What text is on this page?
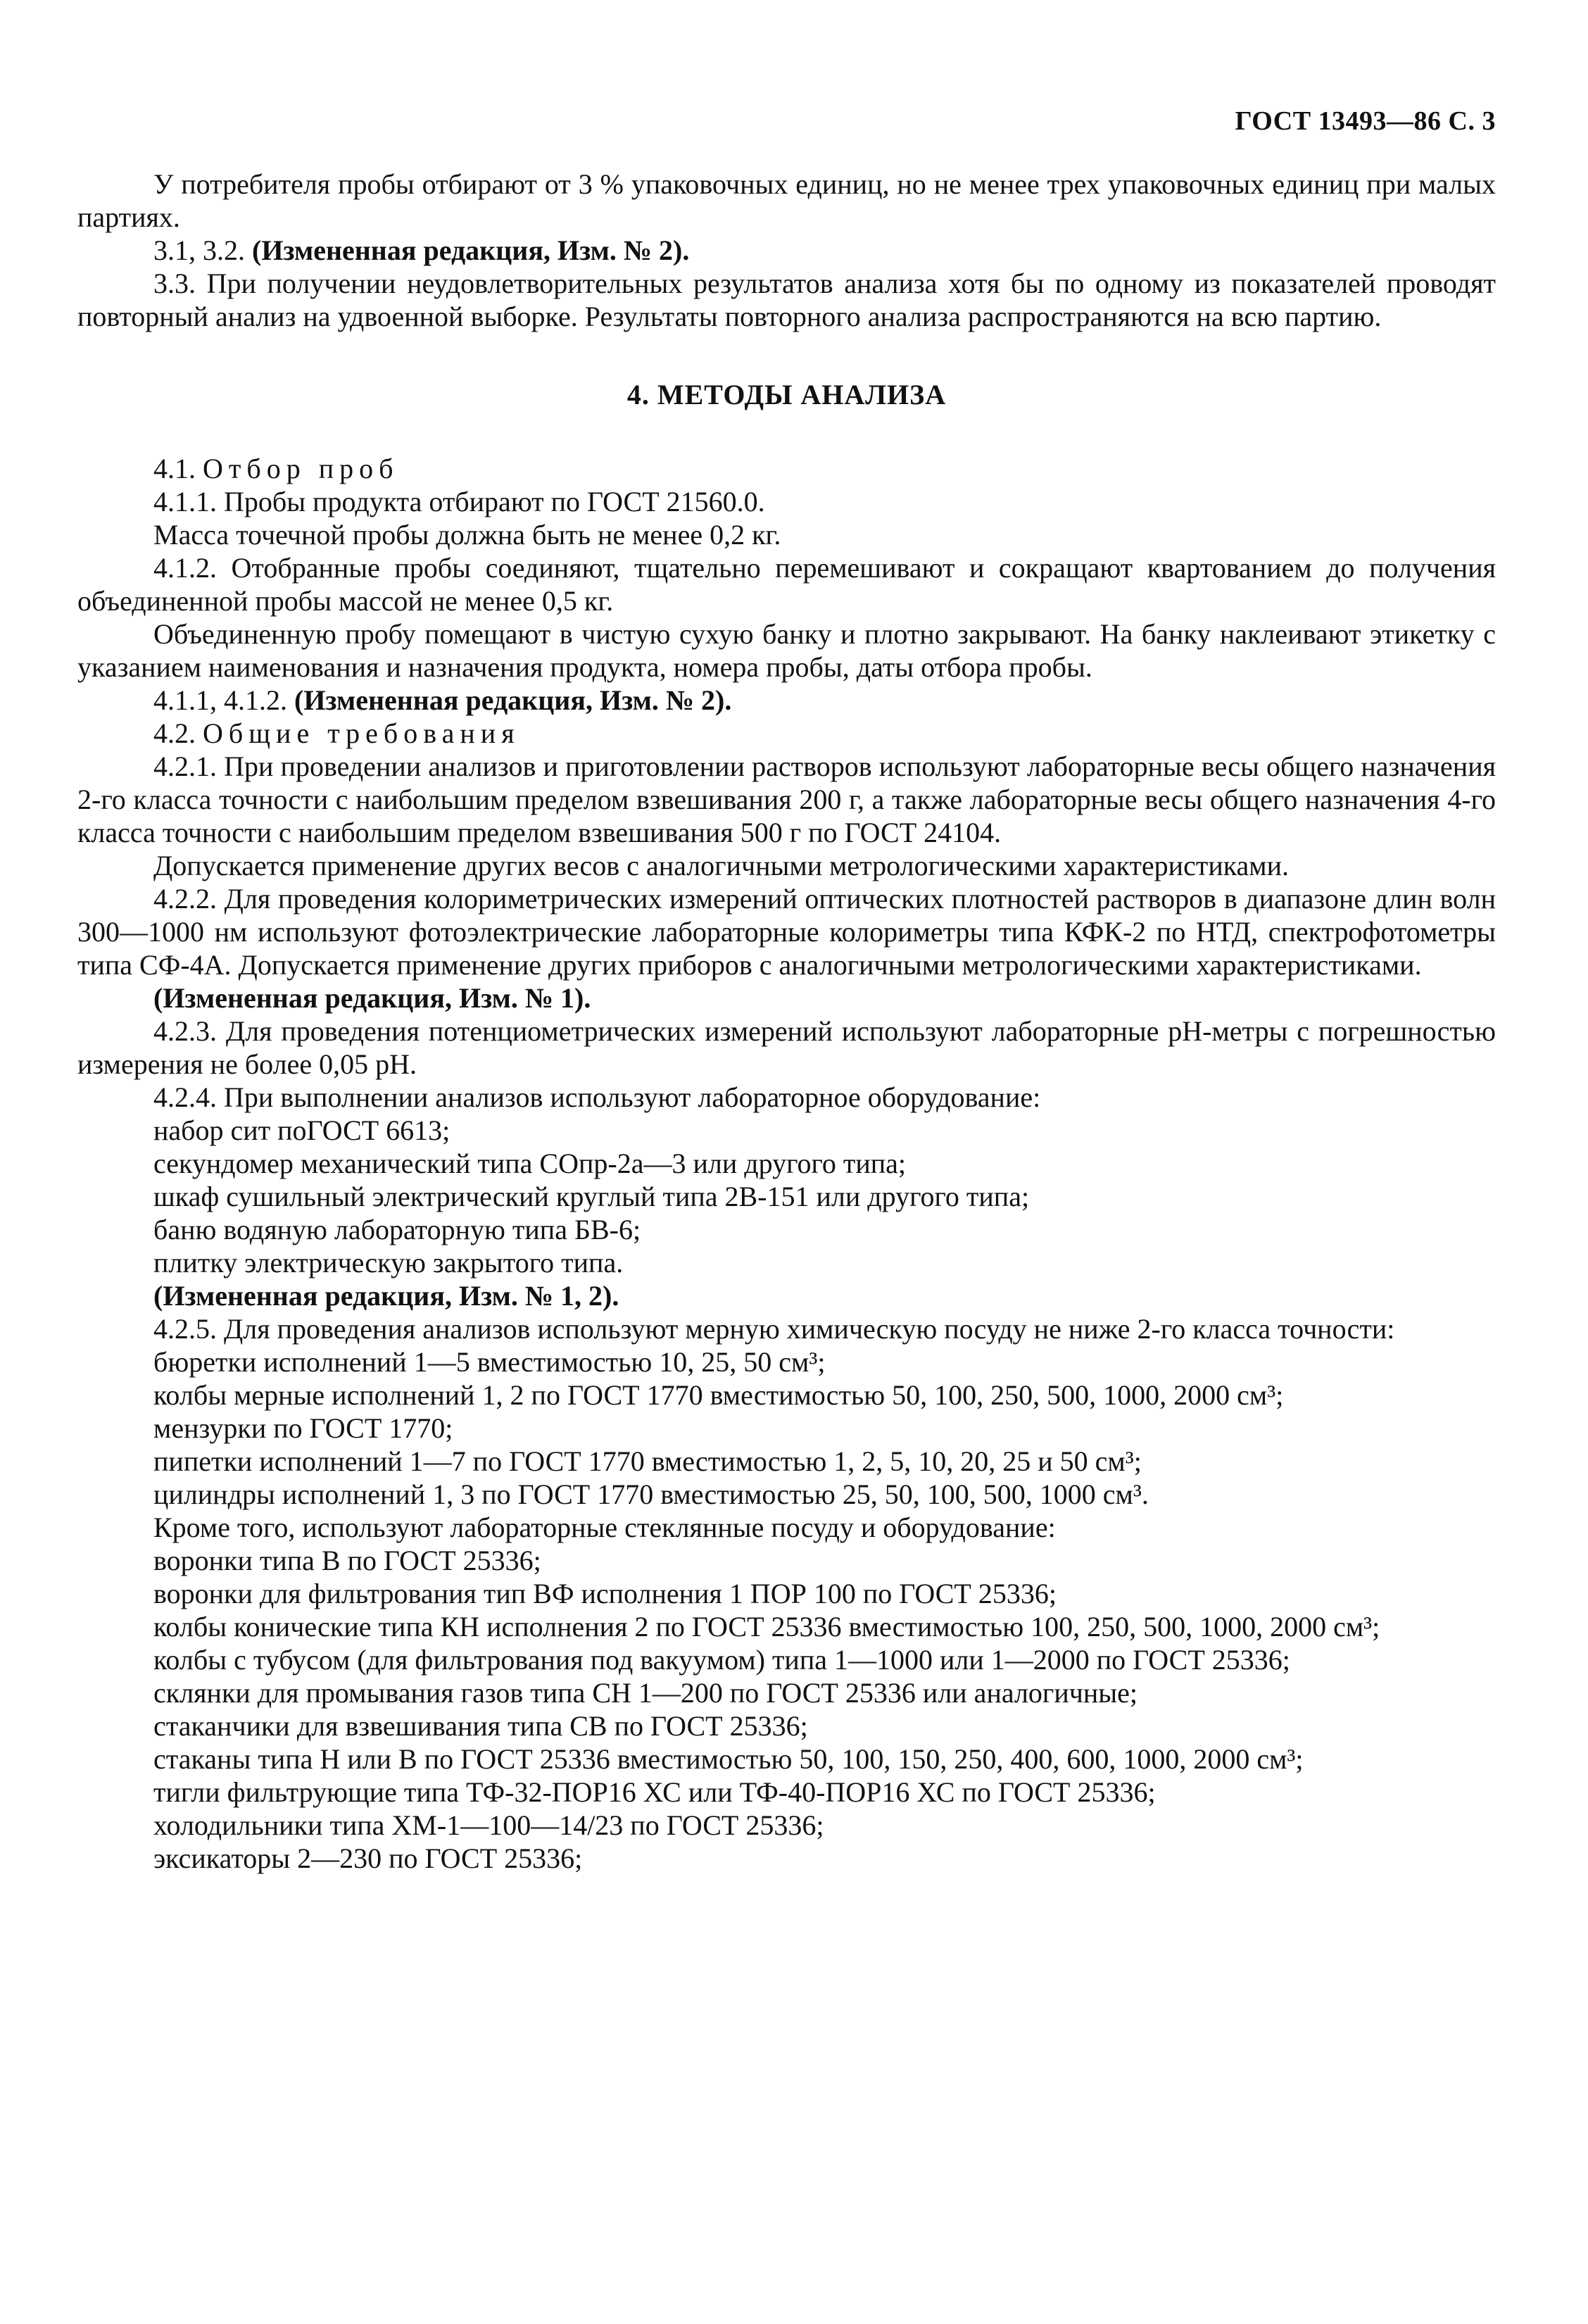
ГОСТ 13493—86 С. 3

У потребителя пробы отбирают от 3 % упаковочных единиц, но не менее трех упаковочных единиц при малых партиях.

3.1, 3.2. (Измененная редакция, Изм. № 2).

3.3. При получении неудовлетворительных результатов анализа хотя бы по одному из показателей проводят повторный анализ на удвоенной выборке. Результаты повторного анализа распространяются на всю партию.

4. МЕТОДЫ АНАЛИЗА

4.1. Отбор проб

4.1.1. Пробы продукта отбирают по ГОСТ 21560.0.

Масса точечной пробы должна быть не менее 0,2 кг.

4.1.2. Отобранные пробы соединяют, тщательно перемешивают и сокращают квартованием до получения объединенной пробы массой не менее 0,5 кг.

Объединенную пробу помещают в чистую сухую банку и плотно закрывают. На банку наклеивают этикетку с указанием наименования и назначения продукта, номера пробы, даты отбора пробы.

4.1.1, 4.1.2. (Измененная редакция, Изм. № 2).

4.2. Общие требования

4.2.1. При проведении анализов и приготовлении растворов используют лабораторные весы общего назначения 2-го класса точности с наибольшим пределом взвешивания 200 г, а также лабораторные весы общего назначения 4-го класса точности с наибольшим пределом взвешивания 500 г по ГОСТ 24104.

Допускается применение других весов с аналогичными метрологическими характеристиками.

4.2.2. Для проведения колориметрических измерений оптических плотностей растворов в диапазоне длин волн 300—1000 нм используют фотоэлектрические лабораторные колориметры типа КФК-2 по НТД, спектрофотометры типа СФ-4А. Допускается применение других приборов с аналогичными метрологическими характеристиками.

(Измененная редакция, Изм. № 1).

4.2.3. Для проведения потенциометрических измерений используют лабораторные рН-метры с погрешностью измерения не более 0,05 рН.

4.2.4. При выполнении анализов используют лабораторное оборудование:

набор сит поГОСТ 6613;

секундомер механический типа СОпр-2а—3 или другого типа;

шкаф сушильный электрический круглый типа 2В-151 или другого типа;

баню водяную лабораторную типа БВ-6;

плитку электрическую закрытого типа.

(Измененная редакция, Изм. № 1, 2).

4.2.5. Для проведения анализов используют мерную химическую посуду не ниже 2-го класса точности:

бюретки исполнений 1—5 вместимостью 10, 25, 50 см³;

колбы мерные исполнений 1, 2 по ГОСТ 1770 вместимостью 50, 100, 250, 500, 1000, 2000 см³;

мензурки по ГОСТ 1770;

пипетки исполнений 1—7 по ГОСТ 1770 вместимостью 1, 2, 5, 10, 20, 25 и 50 см³;

цилиндры исполнений 1, 3 по ГОСТ 1770 вместимостью 25, 50, 100, 500, 1000 см³.

Кроме того, используют лабораторные стеклянные посуду и оборудование:

воронки типа В по ГОСТ 25336;

воронки для фильтрования тип ВФ исполнения 1 ПОР 100 по ГОСТ 25336;

колбы конические типа КН исполнения 2 по ГОСТ 25336 вместимостью 100, 250, 500, 1000, 2000 см³;

колбы с тубусом (для фильтрования под вакуумом) типа 1—1000 или 1—2000 по ГОСТ 25336;

склянки для промывания газов типа СН 1—200 по ГОСТ 25336 или аналогичные;

стаканчики для взвешивания типа СВ по ГОСТ 25336;

стаканы типа Н или В по ГОСТ 25336 вместимостью 50, 100, 150, 250, 400, 600, 1000, 2000 см³;

тигли фильтрующие типа ТФ-32-ПОР16 ХС или ТФ-40-ПОР16 ХС по ГОСТ 25336;

холодильники типа ХМ-1—100—14/23 по ГОСТ 25336;

эксикаторы 2—230 по ГОСТ 25336;
